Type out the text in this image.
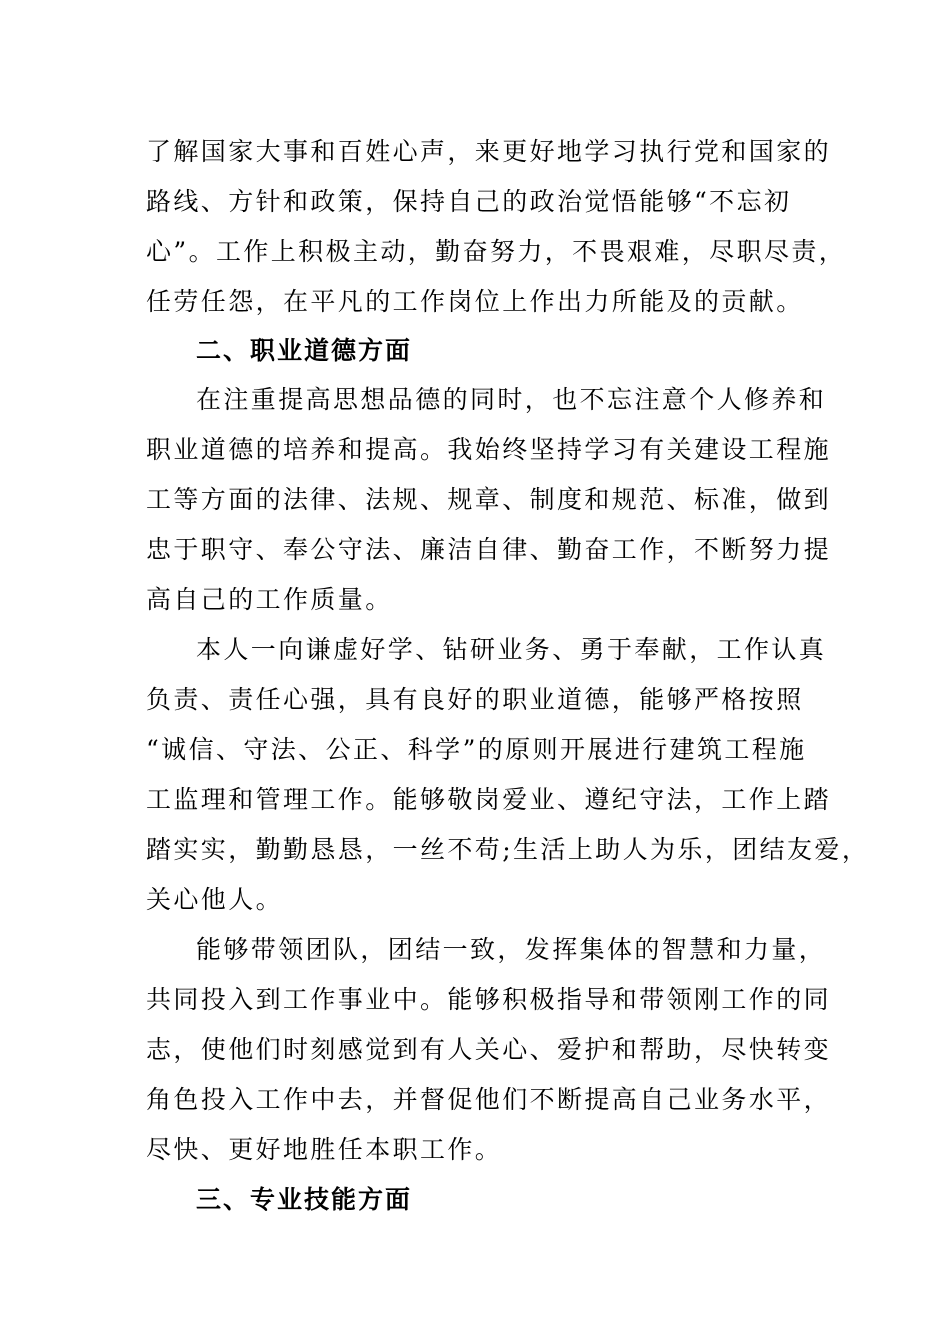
了解国家大事和百姓心声，来更好地学习执行党和国家的
路线、方针和政策，保持自己的政治觉悟能够“不忘初
心”。工作上积极主动，勤奋努力，不畏艰难，尽职尽责，
任劳任怨，在平凡的工作岗位上作出力所能及的贡献。
二、职业道德方面
在注重提高思想品德的同时，也不忘注意个人修养和
职业道德的培养和提高。我始终坚持学习有关建设工程施
工等方面的法律、法规、规章、制度和规范、标准，做到
忠于职守、奉公守法、廉洁自律、勤奋工作，不断努力提
高自己的工作质量。
本人一向谦虚好学、钻研业务、勇于奉献，工作认真
负责、责任心强，具有良好的职业道德，能够严格按照
“诚信、守法、公正、科学”的原则开展进行建筑工程施
工监理和管理工作。能够敬岗爱业、遵纪守法，工作上踏
踏实实，勤勤恳恳，一丝不苟;生活上助人为乐，团结友爱，
关心他人。
能够带领团队，团结一致，发挥集体的智慧和力量，
共同投入到工作事业中。能够积极指导和带领刚工作的同
志，使他们时刻感觉到有人关心、爱护和帮助，尽快转变
角色投入工作中去，并督促他们不断提高自己业务水平，
尽快、更好地胜任本职工作。
三、专业技能方面
